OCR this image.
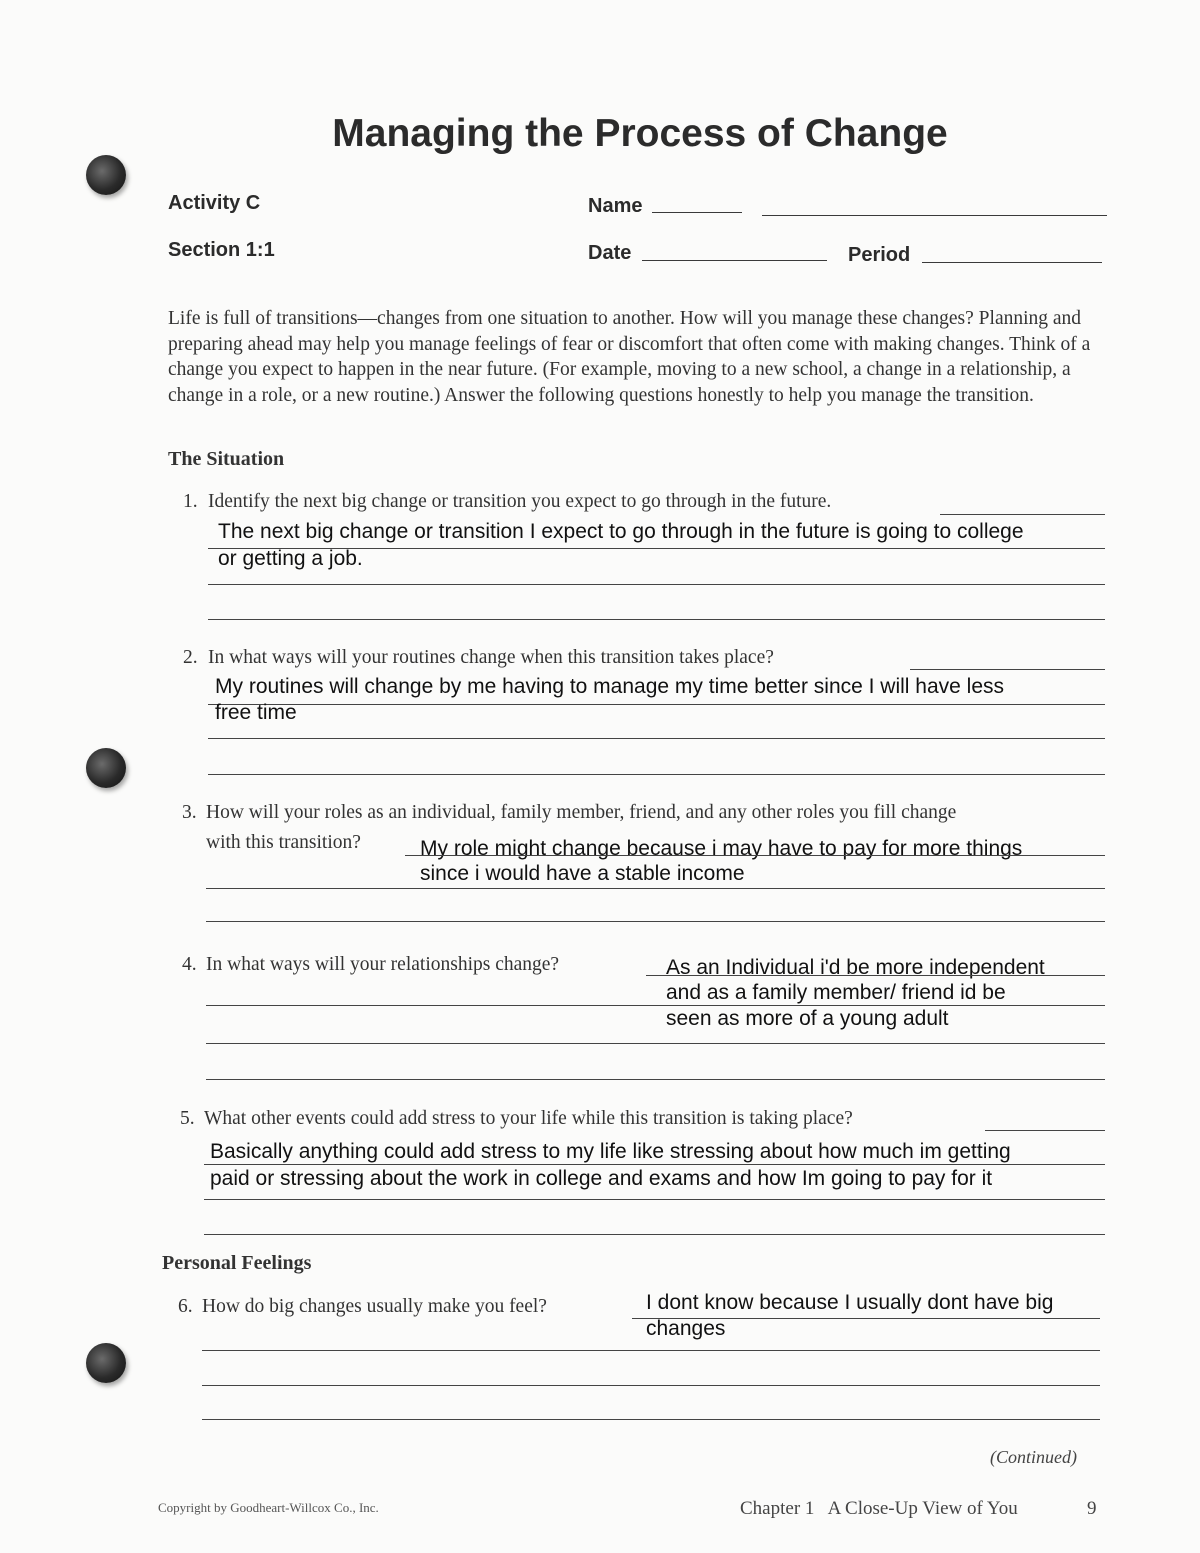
Managing the Process of Change
Activity C
Section 1:1
Name
Date	Period
Life is full of transitions—changes from one situation to another. How will you manage these changes? Planning and preparing ahead may help you manage feelings of fear or discomfort that often come with making changes. Think of a change you expect to happen in the near future. (For example, moving to a new school, a change in a relationship, a change in a role, or a new routine.) Answer the following questions honestly to help you manage the transition.
The Situation
1. Identify the next big change or transition you expect to go through in the future.
The next big change or transition I expect to go through in the future is going to college
or getting a job.
2. In what ways will your routines change when this transition takes place?
My routines will change by me having to manage my time better since I will have less
free time
3. How will your roles as an individual, family member, friend, and any other roles you fill change
with this transition?	My role might change because i may have to pay for more things
since i would have a stable income
4. In what ways will your relationships change?	As an Individual i'd be more independent
and as a family member/ friend id be
seen as more of a young adult
5. What other events could add stress to your life while this transition is taking place?
Basically anything could add stress to my life like stressing about how much im getting
paid or stressing about the work in college and exams and how Im going to pay for it
Personal Feelings
6. How do big changes usually make you feel?	I dont know because I usually dont have big
changes
(Continued)
Copyright by Goodheart-Willcox Co., Inc.	Chapter 1   A Close-Up View of You	9
